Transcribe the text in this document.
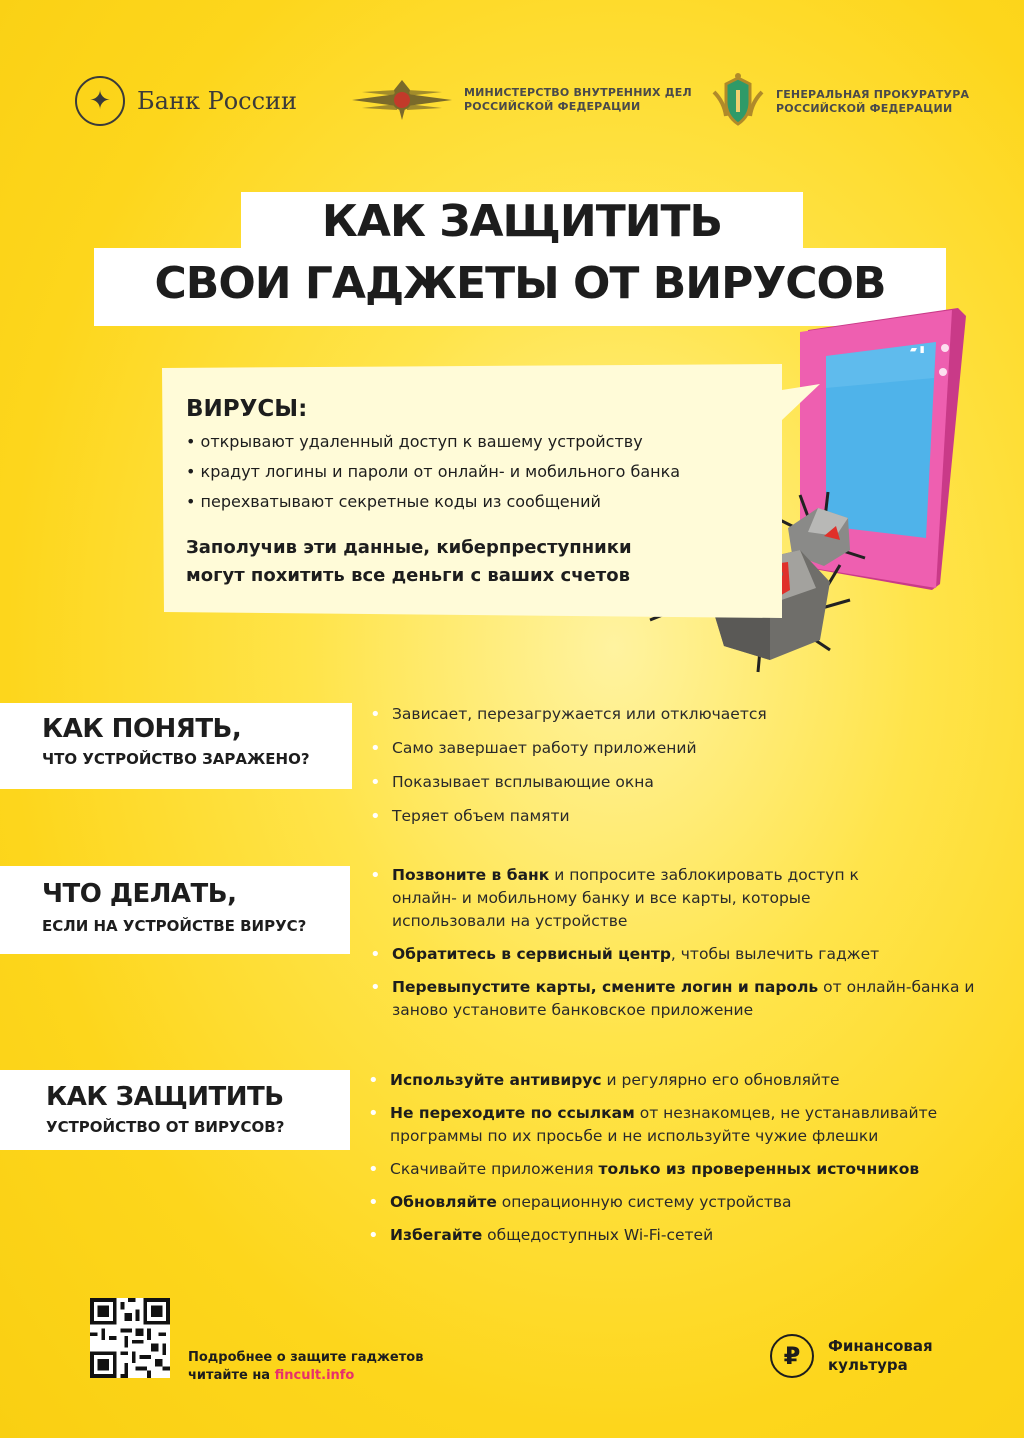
✦	Банк России	МИНИСТЕРСТВО ВНУТРЕННИХ ДЕЛ
РОССИЙСКОЙ ФЕДЕРАЦИИ
ГЕНЕРАЛЬНАЯ ПРОКУРАТУРА
РОССИЙСКОЙ ФЕДЕРАЦИИ
КАК ЗАЩИТИТЬ
СВОИ ГАДЖЕТЫ ОТ ВИРУСОВ
▰ ▮
ВИРУСЫ:
• открывают удаленный доступ к вашему устройству
• крадут логины и пароли от онлайн- и мобильного банка
• перехватывают секретные коды из сообщений
Заполучив эти данные, киберпреступники
могут похитить все деньги с ваших счетов
КАК ПОНЯТЬ,
ЧТО УСТРОЙСТВО ЗАРАЖЕНО?
• Зависает, перезагружается или отключается
• Само завершает работу приложений
• Показывает всплывающие окна
• Теряет объем памяти
ЧТО ДЕЛАТЬ,
ЕСЛИ НА УСТРОЙСТВЕ ВИРУС?
• Позвоните в банк и попросите заблокировать доступ к онлайн- и мобильному банку и все карты, которые использовали на устройстве
• Обратитесь в сервисный центр, чтобы вылечить гаджет
• Перевыпустите карты, смените логин и пароль от онлайн-банка и заново установите банковское приложение
КАК ЗАЩИТИТЬ
УСТРОЙСТВО ОТ ВИРУСОВ?
• Используйте антивирус и регулярно его обновляйте
• Не переходите по ссылкам от незнакомцев, не устанавливайте программы по их просьбе и не используйте чужие флешки
• Скачивайте приложения только из проверенных источников
• Обновляйте операционную систему устройства
• Избегайте общедоступных Wi-Fi-сетей
Подробнее о защите гаджетов
читайте на fincult.info
₽	Финансовая
культура
